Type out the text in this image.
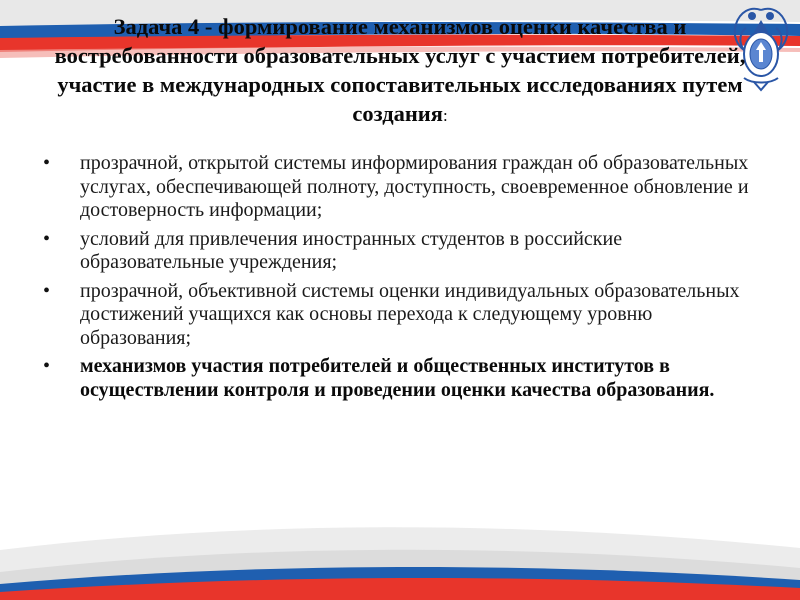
Задача 4 - формирование механизмов оценки качества и востребованности образовательных услуг с участием потребителей, участие в международных сопоставительных исследованиях путем создания:
•	прозрачной, открытой системы информирования граждан об образовательных услугах, обеспечивающей полноту, доступность, своевременное обновление и достоверность информации;
•	условий для привлечения иностранных студентов в российские образовательные учреждения;
•	прозрачной, объективной системы оценки индивидуальных образовательных достижений учащихся как основы перехода к следующему уровню образования;
•	механизмов участия потребителей и общественных институтов в осуществлении контроля и проведении оценки качества образования.
